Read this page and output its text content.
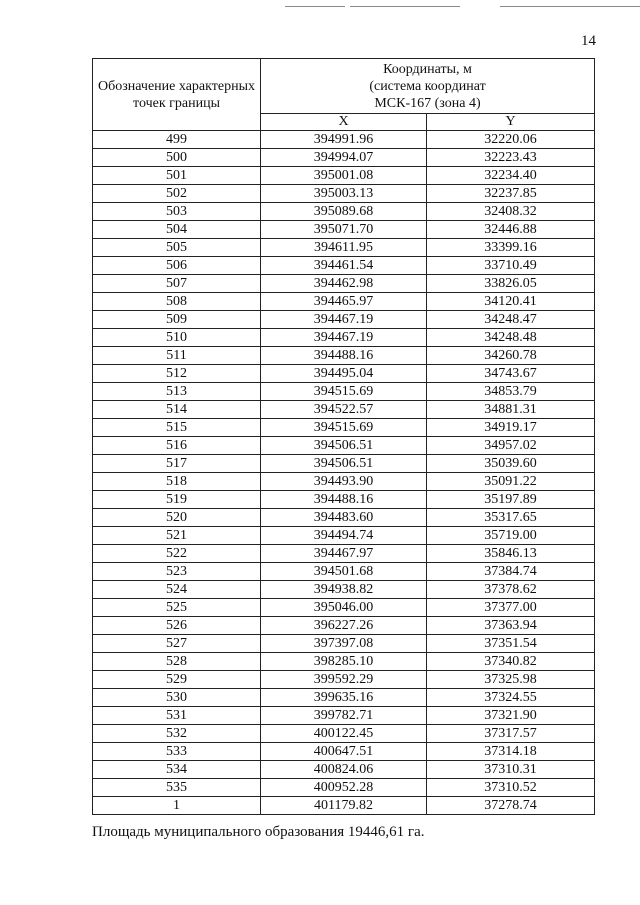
14
Обозначение характерных точек границы	Координаты, м
(система координат
МСК-167 (зона 4)	

	X	Y
499	394991.96	32220.06
500	394994.07	32223.43
501	395001.08	32234.40
502	395003.13	32237.85
503	395089.68	32408.32
504	395071.70	32446.88
505	394611.95	33399.16
506	394461.54	33710.49
507	394462.98	33826.05
508	394465.97	34120.41
509	394467.19	34248.47
510	394467.19	34248.48
511	394488.16	34260.78
512	394495.04	34743.67
513	394515.69	34853.79
514	394522.57	34881.31
515	394515.69	34919.17
516	394506.51	34957.02
517	394506.51	35039.60
518	394493.90	35091.22
519	394488.16	35197.89
520	394483.60	35317.65
521	394494.74	35719.00
522	394467.97	35846.13
523	394501.68	37384.74
524	394938.82	37378.62
525	395046.00	37377.00
526	396227.26	37363.94
527	397397.08	37351.54
528	398285.10	37340.82
529	399592.29	37325.98
530	399635.16	37324.55
531	399782.71	37321.90
532	400122.45	37317.57
533	400647.51	37314.18
534	400824.06	37310.31
535	400952.28	37310.52
1	401179.82	37278.74
Площадь муниципального образования 19446,61 га.
